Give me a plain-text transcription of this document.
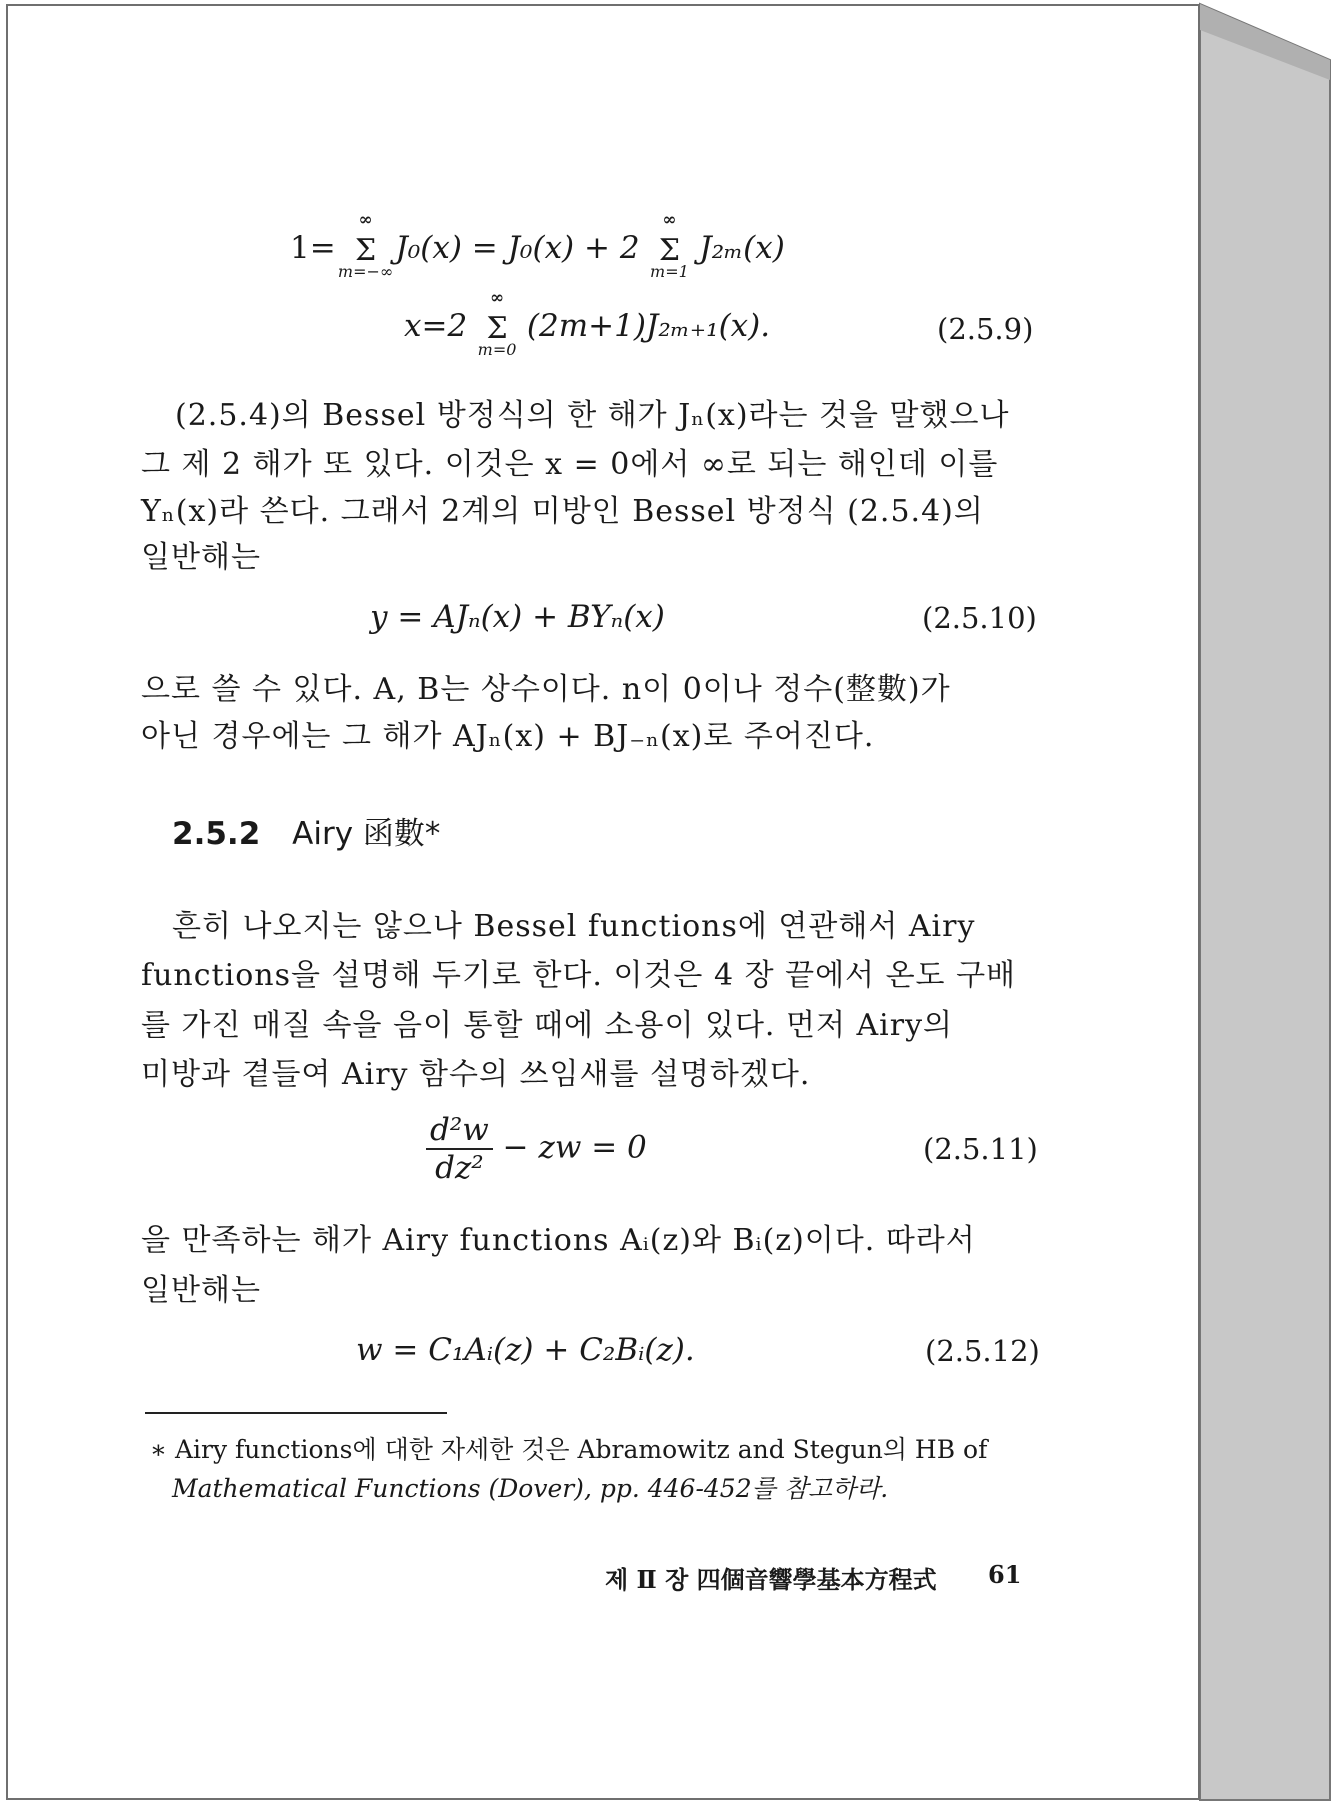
1=
∞
Σ
m=−∞
J₀(x) = J₀(x) + 2
∞
Σ
m=1
J₂ₘ(x)
x=2
∞
Σ
m=0
(2m+1)J₂ₘ₊₁(x).	(2.5.9)
(2.5.4)의 Bessel 방정식의 한 해가 Jₙ(x)라는 것을 말했으나
그 제 2 해가 또 있다. 이것은 x = 0에서 ∞로 되는 해인데 이를
Yₙ(x)라 쓴다. 그래서 2계의 미방인 Bessel 방정식 (2.5.4)의
일반해는
y = AJₙ(x) + BYₙ(x)	(2.5.10)
으로 쓸 수 있다. A, B는 상수이다. n이 0이나 정수(整數)가
아닌 경우에는 그 해가 AJₙ(x) + BJ₋ₙ(x)로 주어진다.
2.5.2 Airy 函數*
흔히 나오지는 않으나 Bessel functions에 연관해서 Airy
functions을 설명해 두기로 한다. 이것은 4 장 끝에서 온도 구배
를 가진 매질 속을 음이 통할 때에 소용이 있다. 먼저 Airy의
미방과 곁들여 Airy 함수의 쓰임새를 설명하겠다.
$\frac{\text{d²w}}{\text{dz²}}$ − zw = 0	(2.5.11)
을 만족하는 해가 Airy functions Aᵢ(z)와 Bᵢ(z)이다. 따라서
일반해는
w = C₁Aᵢ(z) + C₂Bᵢ(z).	(2.5.12)
∗ Airy functions에 대한 자세한 것은 Abramowitz and Stegun의 HB of
Mathematical Functions (Dover), pp. 446-452를 참고하라.
제 Ⅱ 장 四個音響學基本方程式 61
